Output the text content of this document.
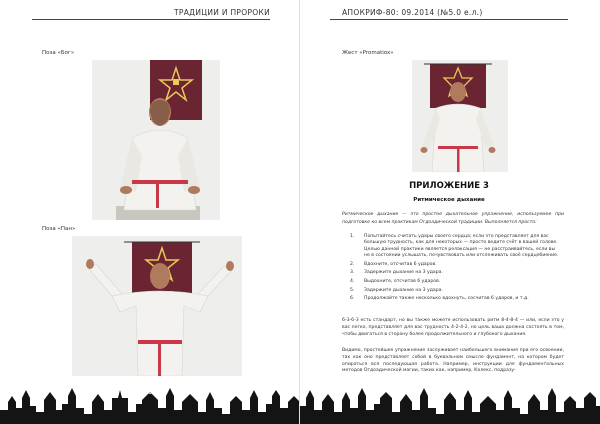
ТРАДИЦИИ И ПРОРОКИ
Поза «Бог»
Поза «Пан»
90
АПОКРИФ-80: 09.2014 (№5.0 е.л.)
Жест «Promatiox»
ПРИЛОЖЕНИЕ 3
Ритмическое дыхание
Ритмическое дыхание — это простое дыхательное упражнение, используемое при подготовке ко всем практикам Огдоадической традиции. Выполняется просто:
1. Попытайтесь считать удары своего сердца; если это представляет для вас большую трудность, как для некоторых — просто ведите счёт в вашей голове. Целью данной практики является релаксация — не расстраивайтесь, если вы не в состоянии услышать, почувствовать или отслеживать своё сердцебиение.
2. Вдохните, отсчитав 6 ударов.
3. Задержите дыхание на 3 удара.
4. Выдохните, отсчитав 6 ударов.
5. Задержите дыхание на 3 удара.
6. Продолжайте также несколько вдохнуть, сосчитав 6 ударов, и т.д.
6-3-6-3 есть стандарт, но вы также можете использовать ритм 8-4-8-4 — или, если это у вас легко, представляет для вас трудность 4-2-4-2, но цель ваша должна состоять в том, чтобы двигаться в сторону более продолжительного и глубокого дыхания.
Видимо, простейшее упражнение заслуживает наибольшего внимания при его освоении, так как оно представляет собой в буквальном смысле фундамент, на котором будет опираться вся последующая работа. Например, инструкции для фундаментальных методов Огдоадической магии, таких как, например, Калекс, подразу-
91
